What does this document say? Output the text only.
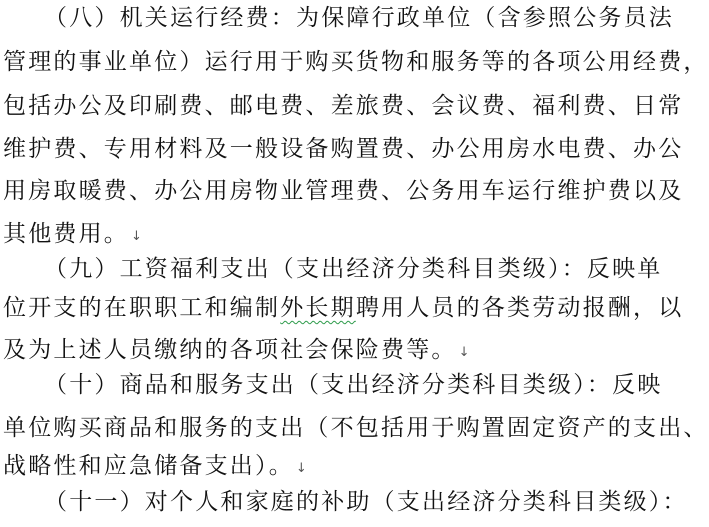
（八）机关运行经费：为保障行政单位（含参照公务员法
管理的事业单位）运行用于购买货物和服务等的各项公用经费，
包括办公及印刷费、邮电费、差旅费、会议费、福利费、日常
维护费、专用材料及一般设备购置费、办公用房水电费、办公
用房取暖费、办公用房物业管理费、公务用车运行维护费以及
其他费用。 ↓
（九）工资福利支出（支出经济分类科目类级）：反映单
位开支的在职职工和编制外长期聘用人员的各类劳动报酬，以
及为上述人员缴纳的各项社会保险费等。 ↓
（十）商品和服务支出（支出经济分类科目类级）：反映
单位购买商品和服务的支出（不包括用于购置固定资产的支出、
战略性和应急储备支出）。 ↓
（十一）对个人和家庭的补助（支出经济分类科目类级）：
